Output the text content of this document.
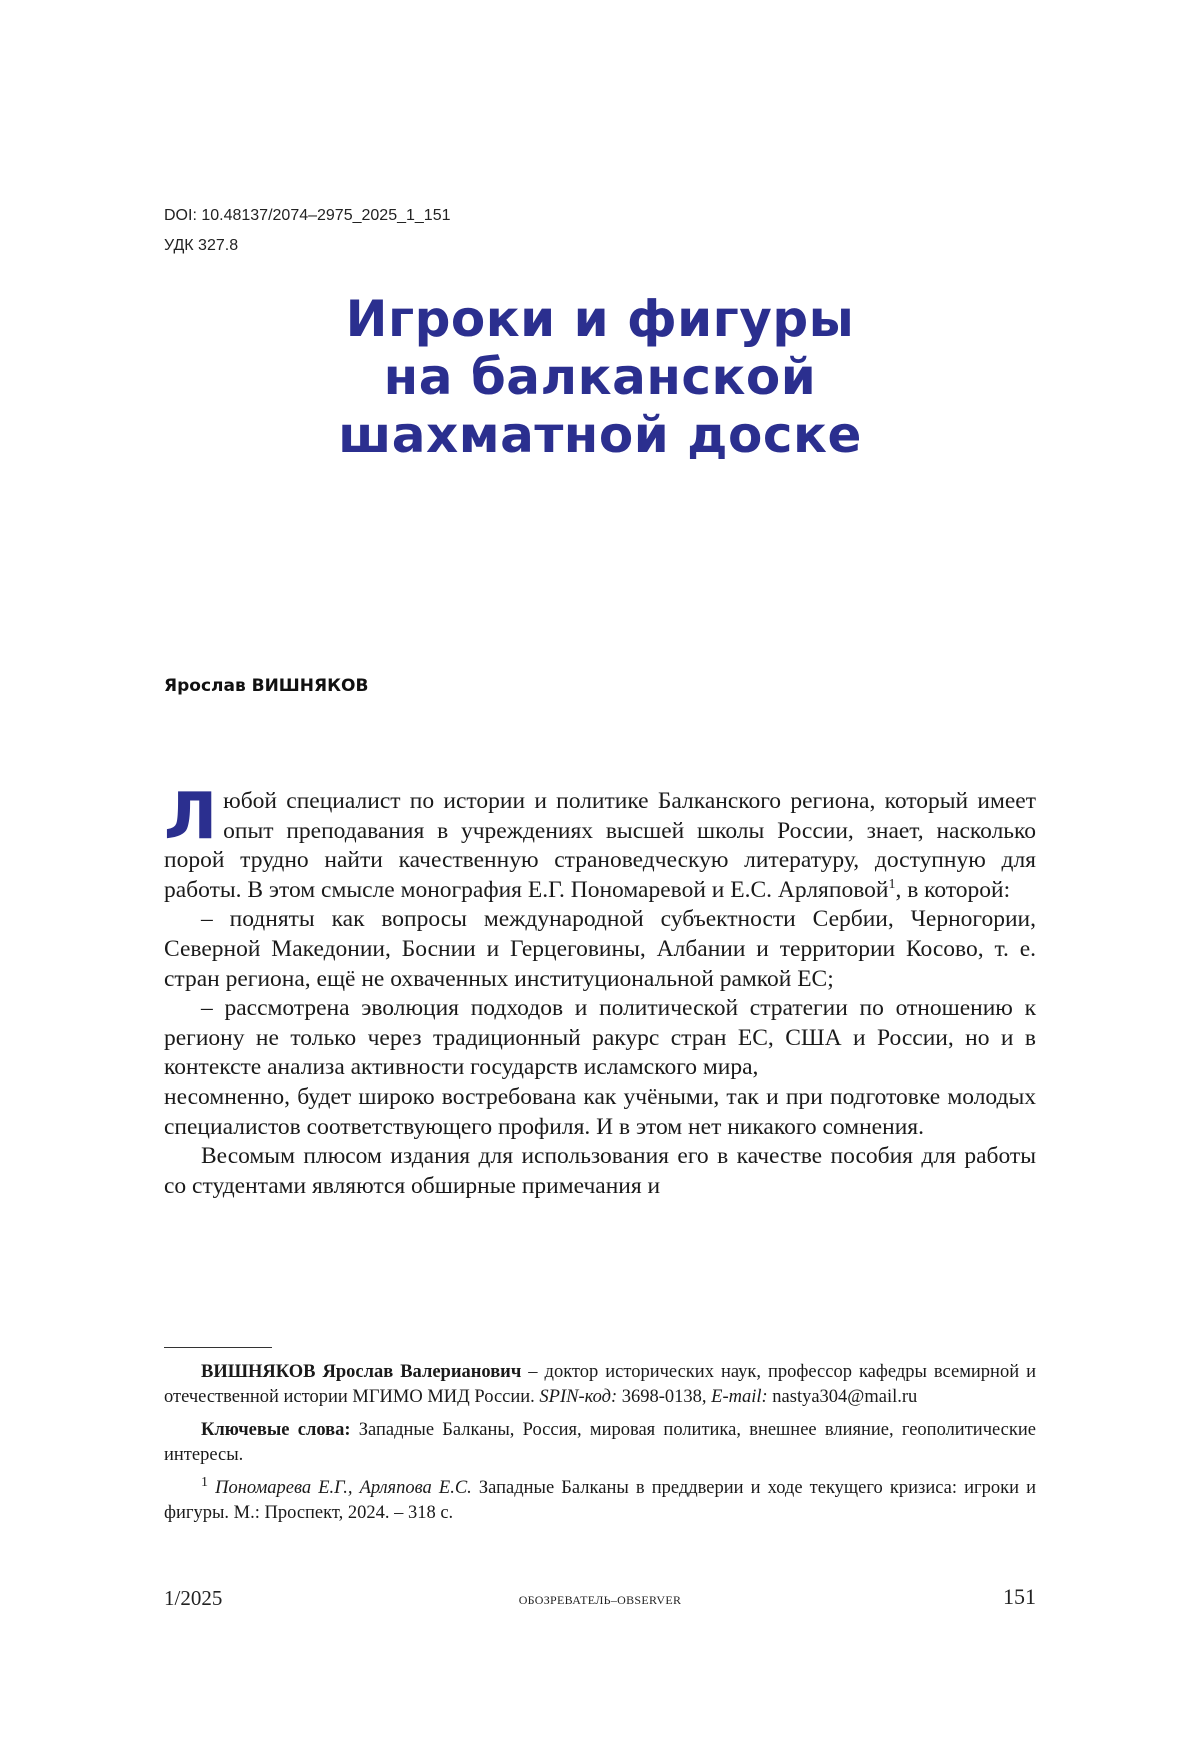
DOI: 10.48137/2074–2975_2025_1_151
УДК 327.8
Игроки и фигуры
на балканской
шахматной доске
Ярослав ВИШНЯКОВ

Л юбой специалист по истории и политике Балканского региона, который имеет опыт преподавания в учреждениях высшей школы России, знает, насколько порой трудно найти качественную страноведческую литературу, доступную для работы. В этом смысле монография Е.Г. Пономаревой и Е.С. Арляповой1, в которой:

– подняты как вопросы международной субъектности Сербии, Черногории, Северной Македонии, Боснии и Герцеговины, Албании и территории Косово, т. е. стран региона, ещё не охваченных институциональной рамкой ЕС;

– рассмотрена эволюция подходов и политической стратегии по отношению к региону не только через традиционный ракурс стран ЕС, США и России, но и в контексте анализа активности государств исламского мира,

несомненно, будет широко востребована как учёными, так и при подготовке молодых специалистов соответствующего профиля. И в этом нет никакого сомнения.

Весомым плюсом издания для использования его в качестве пособия для работы со студентами являются обширные примечания и

ВИШНЯКОВ Ярослав Валерианович – доктор исторических наук, профессор кафедры всемирной и отечественной истории МГИМО МИД России. SPIN-код: 3698-0138, E-mail: nastya304@mail.ru

Ключевые слова: Западные Балканы, Россия, мировая политика, внешнее влияние, геополитические интересы.

1 Пономарева Е.Г., Арляпова Е.С. Западные Балканы в преддверии и ходе текущего кризиса: игроки и фигуры. М.: Проспект, 2024. – 318 с.

1/2025	ОБОЗРЕВАТЕЛЬ–OBSERVER	151
